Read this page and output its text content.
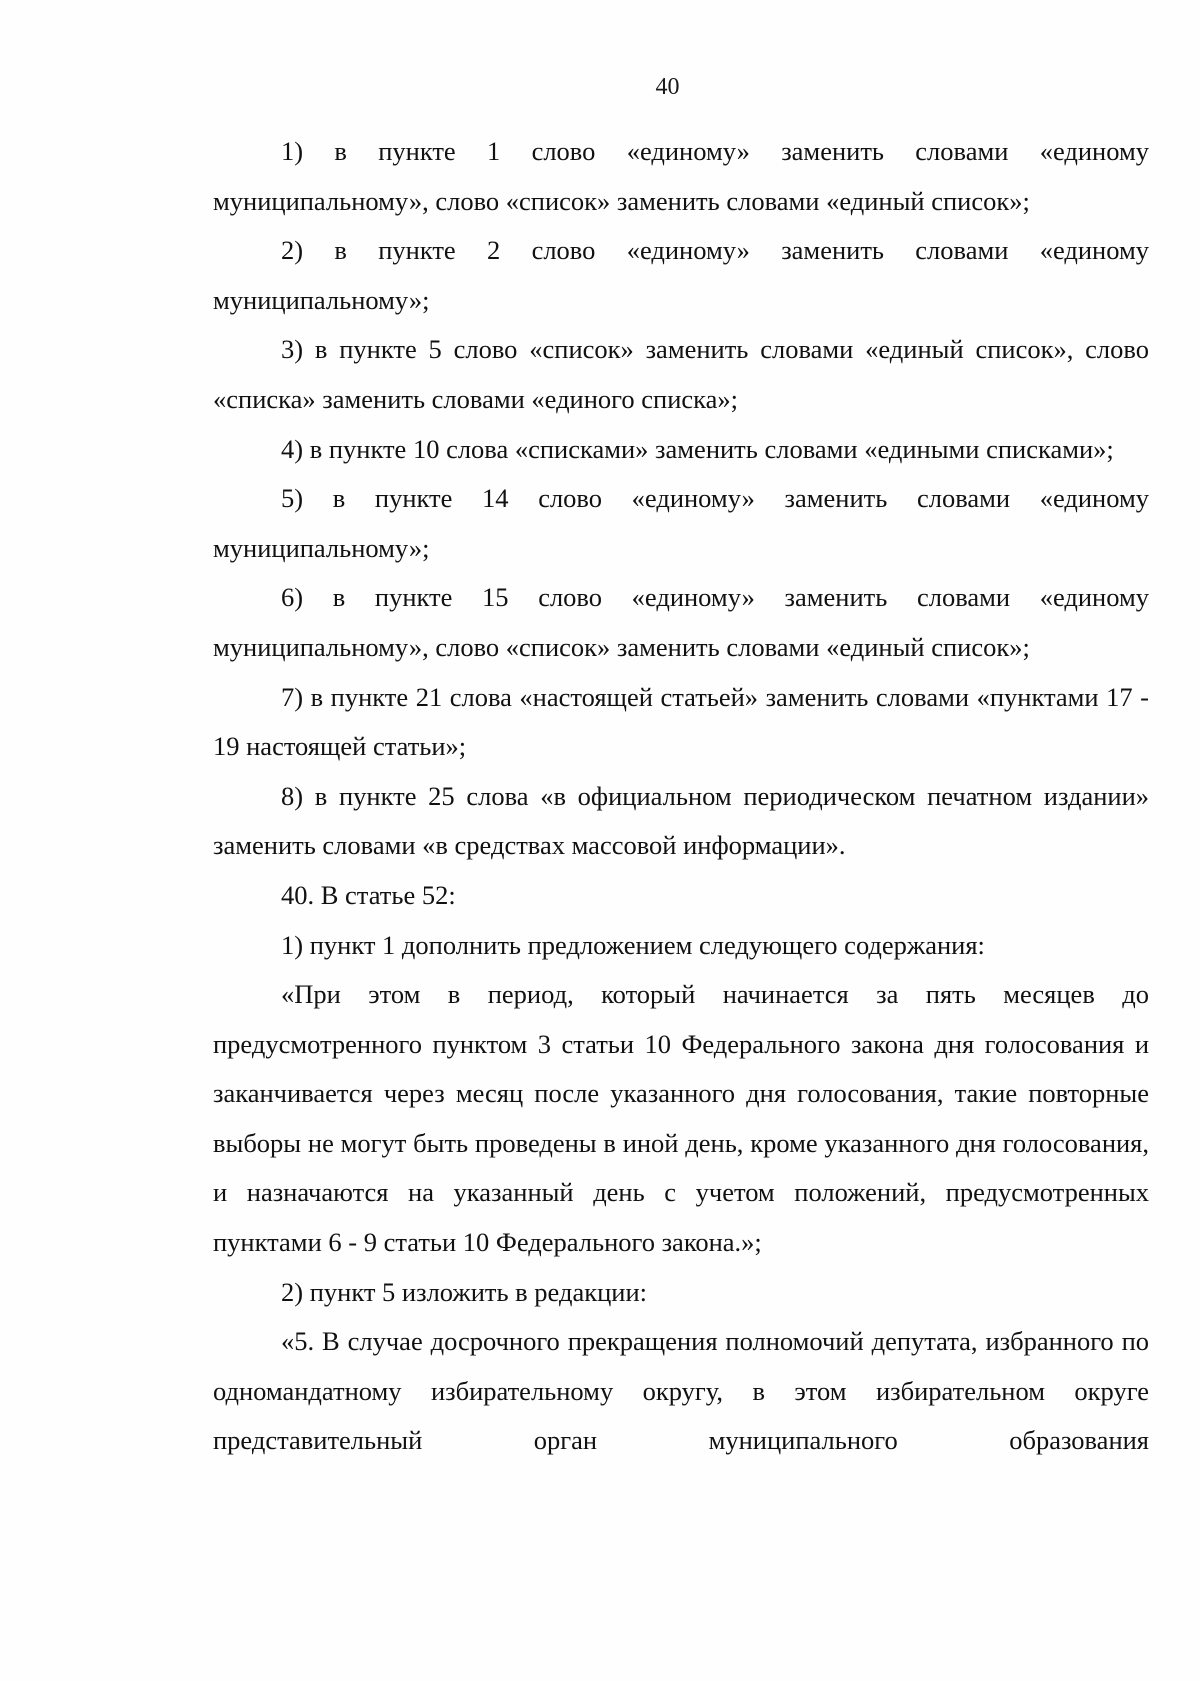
40

1) в пункте 1 слово «единому» заменить словами «единому муниципальному», слово «список» заменить словами «единый список»;

2) в пункте 2 слово «единому» заменить словами «единому муниципальному»;

3) в пункте 5 слово «список» заменить словами «единый список», слово «списка» заменить словами «единого списка»;

4) в пункте 10 слова «списками» заменить словами «едиными списками»;

5) в пункте 14 слово «единому» заменить словами «единому муниципальному»;

6) в пункте 15 слово «единому» заменить словами «единому муниципальному», слово «список» заменить словами «единый список»;

7) в пункте 21 слова «настоящей статьей» заменить словами «пунктами 17 - 19 настоящей статьи»;

8) в пункте 25 слова «в официальном периодическом печатном издании» заменить словами «в средствах массовой информации».

40. В статье 52:

1) пункт 1 дополнить предложением следующего содержания:

«При этом в период, который начинается за пять месяцев до предусмотренного пунктом 3 статьи 10 Федерального закона дня голосования и заканчивается через месяц после указанного дня голосования, такие повторные выборы не могут быть проведены в иной день, кроме указанного дня голосования, и назначаются на указанный день с учетом положений, предусмотренных пунктами 6 - 9 статьи 10 Федерального закона.»;

2) пункт 5 изложить в редакции:

«5. В случае досрочного прекращения полномочий депутата, избранного по одномандатному избирательному округу, в этом избирательном округе представительный орган муниципального образования
